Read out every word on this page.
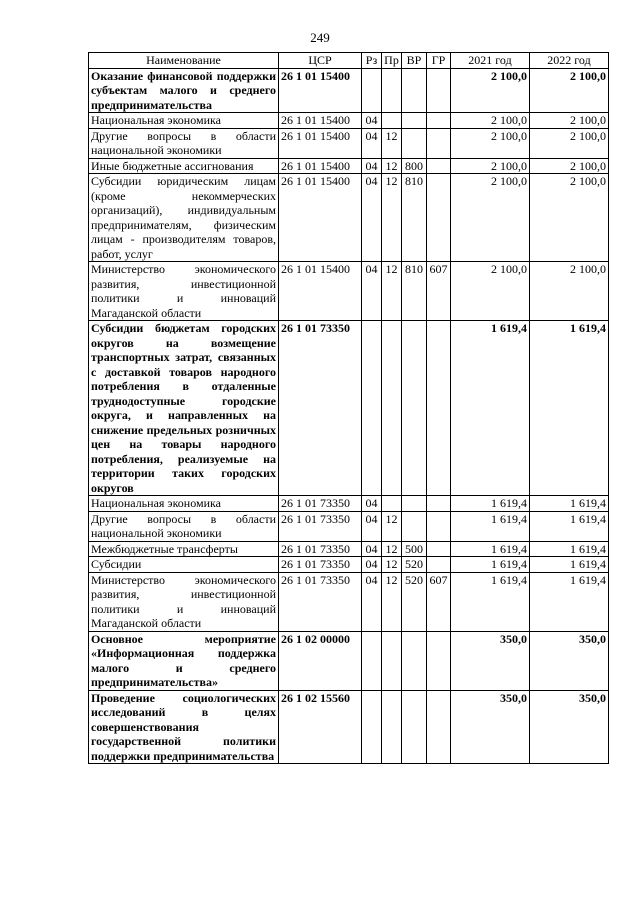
249
Наименование	ЦСР	Рз	Пр	ВР	ГР	2021 год	2022 год
Оказание финансовой поддержки субъектам малого и среднего предпринимательства	26 1 01 15400					2 100,0	2 100,0
Национальная экономика	26 1 01 15400	04				2 100,0	2 100,0
Другие вопросы в области национальной экономики	26 1 01 15400	04	12			2 100,0	2 100,0
Иные бюджетные ассигнования	26 1 01 15400	04	12	800		2 100,0	2 100,0
Субсидии юридическим лицам (кроме некоммерческих организаций), индивидуальным предпринимателям, физическим лицам - производителям товаров, работ, услуг	26 1 01 15400	04	12	810		2 100,0	2 100,0
Министерство экономического развития, инвестиционной политики и инноваций Магаданской области	26 1 01 15400	04	12	810	607	2 100,0	2 100,0
Субсидии бюджетам городских округов на возмещение транспортных затрат, связанных с доставкой товаров народного потребления в отдаленные труднодоступные городские округа, и направленных на снижение предельных розничных цен на товары народного потребления, реализуемые на территории таких городских округов	26 1 01 73350					1 619,4	1 619,4
Национальная экономика	26 1 01 73350	04				1 619,4	1 619,4
Другие вопросы в области национальной экономики	26 1 01 73350	04	12			1 619,4	1 619,4
Межбюджетные трансферты	26 1 01 73350	04	12	500		1 619,4	1 619,4
Субсидии	26 1 01 73350	04	12	520		1 619,4	1 619,4
Министерство экономического развития, инвестиционной политики и инноваций Магаданской области	26 1 01 73350	04	12	520	607	1 619,4	1 619,4
Основное мероприятие «Информационная поддержка малого и среднего предпринимательства»	26 1 02 00000					350,0	350,0
Проведение социологических исследований в целях совершенствования государственной политики поддержки предпринимательства	26 1 02 15560					350,0	350,0
